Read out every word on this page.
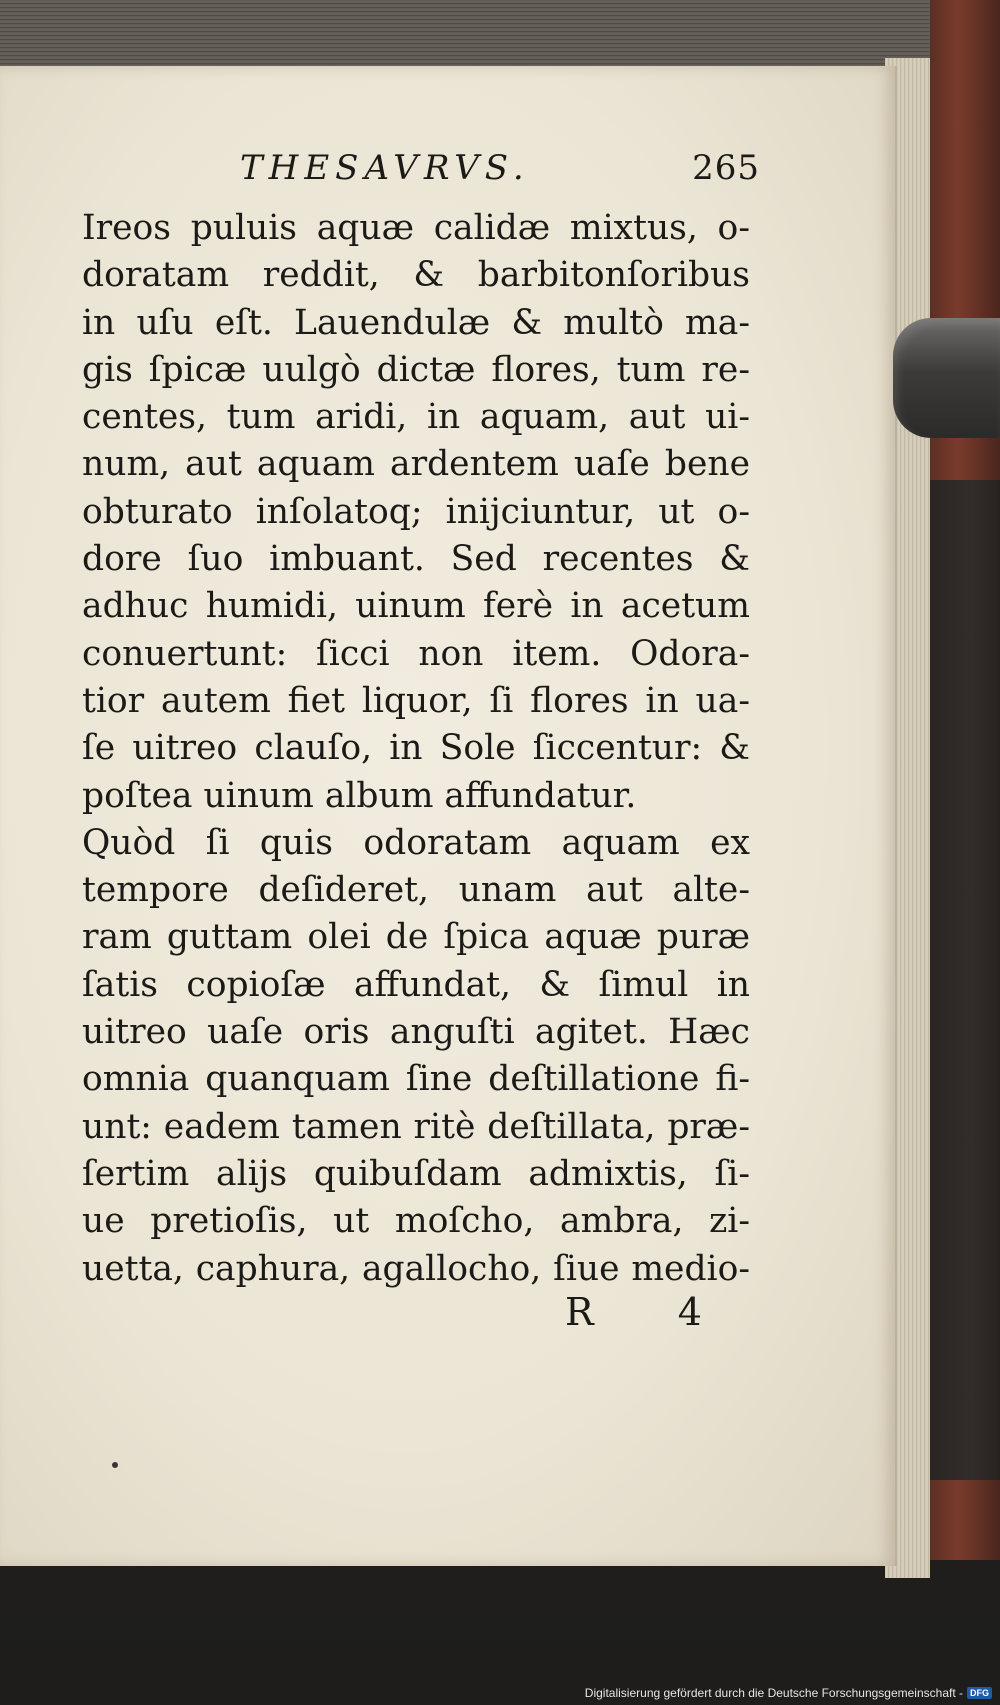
THESAVRVS.	265
Ireos puluis aquæ calidæ mixtus, o-
doratam reddit, & barbitonſoribus
in uſu eſt. Lauendulæ & multò ma-
gis ſpicæ uulgò dictæ flores, tum re-
centes, tum aridi, in aquam, aut ui-
num, aut aquam ardentem uaſe bene
obturato inſolatoq; inijciuntur, ut o-
dore ſuo imbuant. Sed recentes &
adhuc humidi, uinum ferè in acetum
conuertunt: ſicci non item. Odora-
tior autem fiet liquor, ſi flores in ua-
ſe uitreo clauſo, in Sole ſiccentur: &
poſtea uinum album affundatur.
Quòd ſi quis odoratam aquam ex
tempore deſideret, unam aut alte-
ram guttam olei de ſpica aquæ puræ
ſatis copioſæ affundat, & ſimul in
uitreo uaſe oris anguſti agitet. Hæc
omnia quanquam ſine deſtillatione fi-
unt: eadem tamen ritè deſtillata, præ-
ſertim alijs quibuſdam admixtis, ſi-
ue pretioſis, ut moſcho, ambra, zi-
uetta, caphura, agallocho, ſiue medio-
R 4
Digitalisierung gefördert durch die Deutsche Forschungsgemeinschaft - DFG
